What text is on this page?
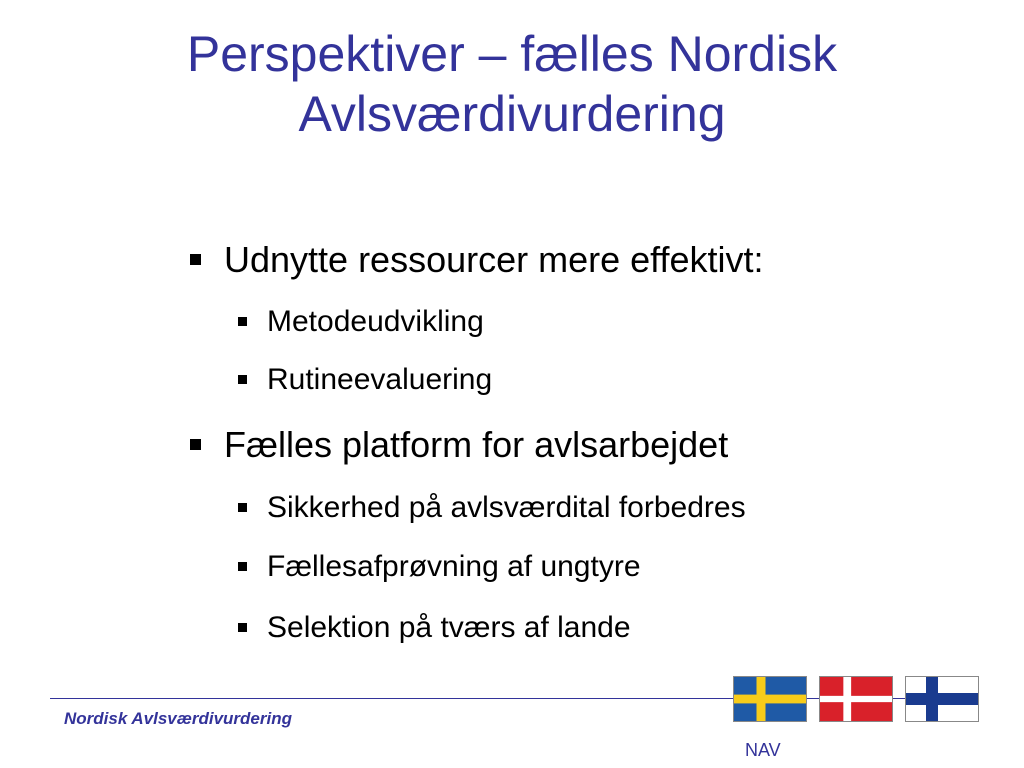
Perspektiver – fælles Nordisk
Avlsværdivurdering
Udnytte ressourcer mere effektivt:
Metodeudvikling
Rutineevaluering
Fælles platform for avlsarbejdet
Sikkerhed på avlsværdital forbedres
Fællesafprøvning af ungtyre
Selektion på tværs af lande
Nordisk Avlsværdivurdering
NAV
